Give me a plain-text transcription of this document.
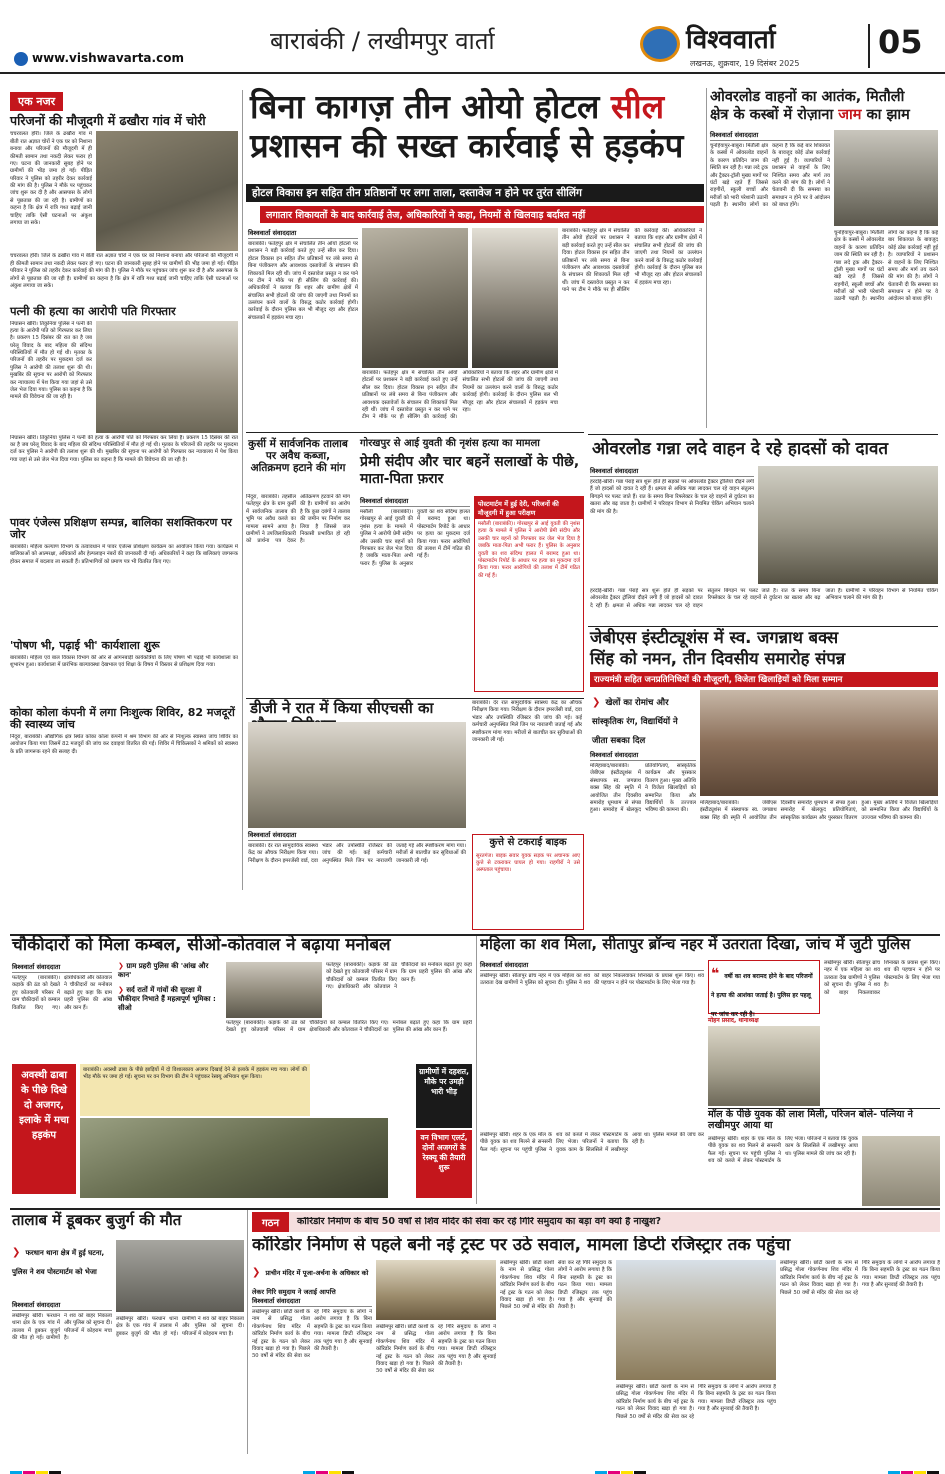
www.vishwavarta.com
बाराबंकी / लखीमपुर वार्ता	विश्ववार्ता
लखनऊ, शुक्रवार, 19 दिसंबर 2025
05
एक नजर
परिजनों की मौजूदगी में ढखौरा गांव में चोरी
चचरवलत हॉरी। जिले के ढखौरा गांव में बीती रात अज्ञात चोरों ने एक घर को निशाना बनाया और परिजनों की मौजूदगी में ही कीमती सामान तथा नकदी लेकर फरार हो गए। घटना की जानकारी सुबह होने पर ग्रामीणों की भीड़ जमा हो गई। पीड़ित परिवार ने पुलिस को तहरीर देकर कार्रवाई की मांग की है। पुलिस ने मौके पर पहुंचकर जांच शुरू कर दी है और आसपास के लोगों से पूछताछ की जा रही है। ग्रामीणों का कहना है कि क्षेत्र में रात्रि गश्त बढ़ाई जानी चाहिए ताकि ऐसी घटनाओं पर अंकुश लगाया जा सके।
चचरवलत हॉरी। जिले के ढखौरा गांव में बीती रात अज्ञात चोरों ने एक घर को निशाना बनाया और परिजनों की मौजूदगी में ही कीमती सामान तथा नकदी लेकर फरार हो गए। घटना की जानकारी सुबह होने पर ग्रामीणों की भीड़ जमा हो गई। पीड़ित परिवार ने पुलिस को तहरीर देकर कार्रवाई की मांग की है। पुलिस ने मौके पर पहुंचकर जांच शुरू कर दी है और आसपास के लोगों से पूछताछ की जा रही है। ग्रामीणों का कहना है कि क्षेत्र में रात्रि गश्त बढ़ाई जानी चाहिए ताकि ऐसी घटनाओं पर अंकुश लगाया जा सके।
पत्नी की हत्या का आरोपी पति गिरफ्तार
निघासन खीरी। तिकुनिया पुलिस ने पत्नी की हत्या के आरोपी पति को गिरफ्तार कर लिया है। प्रकरण 15 दिसंबर की रात का है जब घरेलू विवाद के बाद महिला की संदिग्ध परिस्थितियों में मौत हो गई थी। मृतका के परिजनों की तहरीर पर मुकदमा दर्ज कर पुलिस ने आरोपी की तलाश शुरू की थी। मुखबिर की सूचना पर आरोपी को गिरफ्तार कर न्यायालय में पेश किया गया जहां से उसे जेल भेज दिया गया। पुलिस का कहना है कि मामले की विवेचना की जा रही है।
निघासन खीरी। तिकुनिया पुलिस ने पत्नी की हत्या के आरोपी पति को गिरफ्तार कर लिया है। प्रकरण 15 दिसंबर की रात का है जब घरेलू विवाद के बाद महिला की संदिग्ध परिस्थितियों में मौत हो गई थी। मृतका के परिजनों की तहरीर पर मुकदमा दर्ज कर पुलिस ने आरोपी की तलाश शुरू की थी। मुखबिर की सूचना पर आरोपी को गिरफ्तार कर न्यायालय में पेश किया गया जहां से उसे जेल भेज दिया गया। पुलिस का कहना है कि मामले की विवेचना की जा रही है।
पावर एंजेल्स प्रशिक्षण सम्पन्न, बालिका सशक्तिकरण पर जोर
बाराबंकी। महिला कल्याण विभाग के तत्वावधान में पावर एंजेल्स प्रशिक्षण कार्यक्रम का आयोजन किया गया। कार्यक्रम में बालिकाओं को आत्मरक्षा, अधिकारों और हेल्पलाइन नंबरों की जानकारी दी गई। अधिकारियों ने कहा कि बालिकाएं जागरूक होकर समाज में बदलाव ला सकती हैं। प्रतिभागियों को प्रमाण पत्र भी वितरित किए गए।
'पोषण भी, पढ़ाई भी' कार्यशाला शुरू
बाराबंकी। महिला एवं बाल विकास विभाग की ओर से आंगनबाड़ी कार्यकत्रियों के लिए पोषण भी पढ़ाई भी कार्यशाला का शुभारंभ हुआ। कार्यशाला में प्रारंभिक बाल्यावस्था देखभाल एवं शिक्षा के विषय में विस्तार से प्रशिक्षण दिया गया।
कोका कोला कंपनी में लगा निःशुल्क शिविर, 82 मजदूरों की स्वास्थ्य जांच
निंदूरा, बाराबंकी। औद्योगिक क्षेत्र स्थित कोका कोला कंपनी में श्रम विभाग की ओर से निःशुल्क स्वास्थ्य जांच शिविर का आयोजन किया गया जिसमें 82 मजदूरों की जांच कर दवाइयां वितरित की गईं। शिविर में चिकित्सकों ने श्रमिकों को स्वास्थ्य के प्रति जागरूक रहने की सलाह दी।
बिना कागज़ तीन ओयो होटल सील
प्रशासन की सख्त कार्रवाई से हड़कंप
होटल विकास इन सहित तीन प्रतिष्ठानों पर लगा ताला, दस्तावेज न होने पर तुरंत सीलिंग
लगातार शिकायतों के बाद कार्रवाई तेज, अधिकारियों ने कहा, नियमों से खिलवाड़ बर्दाश्त नहीं
विश्ववार्ता संवाददाता
बाराबंकी। फतेहपुर क्षेत्र में संचालित तीन ओयो होटलों पर प्रशासन ने बड़ी कार्रवाई करते हुए उन्हें सील कर दिया। होटल विकास इन सहित तीन प्रतिष्ठानों पर लंबे समय से बिना पंजीकरण और आवश्यक दस्तावेजों के संचालन की शिकायतें मिल रही थीं। जांच में दस्तावेज प्रस्तुत न कर पाने पर टीम ने मौके पर ही सीलिंग की कार्रवाई की। अधिकारियों ने बताया कि शहर और ग्रामीण क्षेत्रों में संचालित सभी होटलों की जांच की जाएगी तथा नियमों का उल्लंघन करने वालों के विरुद्ध कठोर कार्रवाई होगी। कार्रवाई के दौरान पुलिस बल भी मौजूद रहा और होटल संचालकों में हड़कंप मचा रहा।
बाराबंकी। फतेहपुर क्षेत्र में संचालित तीन ओयो होटलों पर प्रशासन ने बड़ी कार्रवाई करते हुए उन्हें सील कर दिया। होटल विकास इन सहित तीन प्रतिष्ठानों पर लंबे समय से बिना पंजीकरण और आवश्यक दस्तावेजों के संचालन की शिकायतें मिल रही थीं। जांच में दस्तावेज प्रस्तुत न कर पाने पर टीम ने मौके पर ही सीलिंग की कार्रवाई की। अधिकारियों ने बताया कि शहर और ग्रामीण क्षेत्रों में संचालित सभी होटलों की जांच की जाएगी तथा नियमों का उल्लंघन करने वालों के विरुद्ध कठोर कार्रवाई होगी। कार्रवाई के दौरान पुलिस बल भी मौजूद रहा और होटल संचालकों में हड़कंप मचा रहा।
बाराबंकी। फतेहपुर क्षेत्र में संचालित तीन ओयो होटलों पर प्रशासन ने बड़ी कार्रवाई करते हुए उन्हें सील कर दिया। होटल विकास इन सहित तीन प्रतिष्ठानों पर लंबे समय से बिना पंजीकरण और आवश्यक दस्तावेजों के संचालन की शिकायतें मिल रही थीं। जांच में दस्तावेज प्रस्तुत न कर पाने पर टीम ने मौके पर ही सीलिंग की कार्रवाई की। अधिकारियों ने बताया कि शहर और ग्रामीण क्षेत्रों में संचालित सभी होटलों की जांच की जाएगी तथा नियमों का उल्लंघन करने वालों के विरुद्ध कठोर कार्रवाई होगी। कार्रवाई के दौरान पुलिस बल भी मौजूद रहा और होटल संचालकों में हड़कंप मचा रहा।
ओवरलोड वाहनों का आतंक, मितौली
क्षेत्र के कस्बों में रोज़ाना जाम का झाम
विश्ववार्ता संवाददाता
चुनहियापुर-बाबुरा। मितौली क्षेत्र के कस्बों में ओवरलोड वाहनों के कारण प्रतिदिन जाम की स्थिति बन रही है। गन्ना लदे ट्रक और ट्रैक्टर-ट्रॉली मुख्य मार्गों पर घंटों खड़े रहते हैं जिससे राहगीरों, स्कूली बच्चों और मरीजों को भारी परेशानी उठानी पड़ती है। स्थानीय लोगों का कहना है कि कई बार शिकायत के बावजूद कोई ठोस कार्रवाई नहीं हुई है। व्यापारियों ने प्रशासन से वाहनों के लिए निश्चित समय और मार्ग तय करने की मांग की है। लोगों ने चेतावनी दी कि समस्या का समाधान न होने पर वे आंदोलन को बाध्य होंगे।
चुनहियापुर-बाबुरा। मितौली क्षेत्र के कस्बों में ओवरलोड वाहनों के कारण प्रतिदिन जाम की स्थिति बन रही है। गन्ना लदे ट्रक और ट्रैक्टर-ट्रॉली मुख्य मार्गों पर घंटों खड़े रहते हैं जिससे राहगीरों, स्कूली बच्चों और मरीजों को भारी परेशानी उठानी पड़ती है। स्थानीय लोगों का कहना है कि कई बार शिकायत के बावजूद कोई ठोस कार्रवाई नहीं हुई है। व्यापारियों ने प्रशासन से वाहनों के लिए निश्चित समय और मार्ग तय करने की मांग की है। लोगों ने चेतावनी दी कि समस्या का समाधान न होने पर वे आंदोलन को बाध्य होंगे।
ओवरलोड गन्ना लदे वाहन दे रहे हादसों को दावत
विश्ववार्ता संवाददाता
हरदोई-खीरी। गन्ना पेराई सत्र शुरू होते ही सड़कों पर ओवरलोड ट्रैक्टर ट्रॉलियां दौड़ने लगी हैं जो हादसों को दावत दे रही हैं। क्षमता से अधिक गन्ना लादकर चल रहे वाहन संतुलन बिगड़ने पर पलट जाते हैं। रात के समय बिना रिफ्लेक्टर के चल रहे वाहनों से दुर्घटना का खतरा और बढ़ जाता है। ग्रामीणों ने परिवहन विभाग से नियमित चेकिंग अभियान चलाने की मांग की है।
हरदोई-खीरी। गन्ना पेराई सत्र शुरू होते ही सड़कों पर ओवरलोड ट्रैक्टर ट्रॉलियां दौड़ने लगी हैं जो हादसों को दावत दे रही हैं। क्षमता से अधिक गन्ना लादकर चल रहे वाहन संतुलन बिगड़ने पर पलट जाते हैं। रात के समय बिना रिफ्लेक्टर के चल रहे वाहनों से दुर्घटना का खतरा और बढ़ जाता है। ग्रामीणों ने परिवहन विभाग से नियमित चेकिंग अभियान चलाने की मांग की है।
कुर्सी में सार्वजनिक तालाब पर अवैध कब्जा, अतिक्रमण हटाने की मांग
निंदूरा, बाराबंकी। तहसील फतेहपुर क्षेत्र के ग्राम कुर्सी में सार्वजनिक तालाब की भूमि पर अवैध कब्जे का मामला सामने आया है। ग्रामीणों ने उपजिलाधिकारी को प्रार्थना पत्र देकर अतिक्रमण हटवाने की मांग की है। ग्रामीणों का आरोप है कि कुछ दबंगों ने तालाब की जमीन पर निर्माण कर लिया है जिससे जल निकासी प्रभावित हो रही है।
गोरखपुर से आई युवती की नृशंस हत्या का मामला
प्रेमी संदीप और चार बहनें सलाखों के पीछे, माता-पिता फ़रार
विश्ववार्ता संवाददाता
मसौली (बाराबंकी)। गोरखपुर से आई युवती की नृशंस हत्या के मामले में पुलिस ने आरोपी प्रेमी संदीप और उसकी चार बहनों को गिरफ्तार कर जेल भेज दिया है जबकि माता-पिता अभी फरार हैं। पुलिस के अनुसार युवती का शव संदिग्ध हालत में बरामद हुआ था। पोस्टमार्टम रिपोर्ट के आधार पर हत्या का मुकदमा दर्ज किया गया। फरार आरोपियों की तलाश में टीमें गठित की गई हैं।
पोस्टमार्टम में हुई देरी, परिजनों की मौजूदगी में हुआ परीक्षण
मसौली (बाराबंकी)। गोरखपुर से आई युवती की नृशंस हत्या के मामले में पुलिस ने आरोपी प्रेमी संदीप और उसकी चार बहनों को गिरफ्तार कर जेल भेज दिया है जबकि माता-पिता अभी फरार हैं। पुलिस के अनुसार युवती का शव संदिग्ध हालत में बरामद हुआ था। पोस्टमार्टम रिपोर्ट के आधार पर हत्या का मुकदमा दर्ज किया गया। फरार आरोपियों की तलाश में टीमें गठित की गई हैं।
डीजी ने रात में किया सीएचसी का
विश्ववार्ता संवाददाता
बाराबंकी। देर रात सामुदायिक स्वास्थ्य केंद्र का औचक निरीक्षण किया गया। निरीक्षण के दौरान इमरजेंसी वार्ड, दवा भंडार और उपस्थिति रजिस्टर की जांच की गई। कई कर्मचारी अनुपस्थित मिले जिन पर नाराजगी जताई गई और स्पष्टीकरण मांगा गया। मरीजों से बातचीत कर सुविधाओं की जानकारी ली गई।
बाराबंकी। देर रात सामुदायिक स्वास्थ्य केंद्र का औचक निरीक्षण किया गया। निरीक्षण के दौरान इमरजेंसी वार्ड, दवा भंडार और उपस्थिति रजिस्टर की जांच की गई। कई कर्मचारी अनुपस्थित मिले जिन पर नाराजगी जताई गई और स्पष्टीकरण मांगा गया। मरीजों से बातचीत कर सुविधाओं की जानकारी ली गई।
कुत्ते से टकराई बाइक
सूरतगंज। बाइक सवार युवक सड़क पर अचानक आए कुत्ते से टकराकर घायल हो गया। राहगीरों ने उसे अस्पताल पहुंचाया।
जेबीएस इंस्टीट्यूशंस में स्व. जगन्नाथ बक्स
सिंह को नमन, तीन दिवसीय समारोह संपन्न
राज्यमंत्री सहित जनप्रतिनिधियों की मौजूदगी, विजेता खिलाड़ियों को मिला सम्मान
❯ खेलों का रोमांच और सांस्कृतिक रंग, विद्यार्थियों ने जीता सबका दिल
विश्ववार्ता संवाददाता
मलिहाबाद/बाराबंकी। जेबीएस इंस्टीट्यूशंस में संस्थापक स्व. जगन्नाथ बक्स सिंह की स्मृति में आयोजित तीन दिवसीय समारोह धूमधाम से संपन्न हुआ। समारोह में खेलकूद प्रतियोगिताएं, सांस्कृतिक कार्यक्रम और पुरस्कार वितरण हुआ। मुख्य अतिथि ने विजेता खिलाड़ियों को सम्मानित किया और विद्यार्थियों के उज्ज्वल भविष्य की कामना की।
मलिहाबाद/बाराबंकी। जेबीएस इंस्टीट्यूशंस में संस्थापक स्व. जगन्नाथ बक्स सिंह की स्मृति में आयोजित तीन दिवसीय समारोह धूमधाम से संपन्न हुआ। समारोह में खेलकूद प्रतियोगिताएं, सांस्कृतिक कार्यक्रम और पुरस्कार वितरण हुआ। मुख्य अतिथि ने विजेता खिलाड़ियों को सम्मानित किया और विद्यार्थियों के उज्ज्वल भविष्य की कामना की।
चौकीदारों को मिला कम्बल, सीओ-कोतवाल ने बढ़ाया मनोबल
विश्ववार्ता संवाददाता
फतेहपुर (बाराबंकी)। कड़ाके की ठंड को देखते हुए कोतवाली परिसर में ग्राम चौकीदारों को कम्बल वितरित किए गए। क्षेत्राधिकारी और कोतवाल ने चौकीदारों का मनोबल बढ़ाते हुए कहा कि ग्राम प्रहरी पुलिस की आंख और कान हैं।
❯ ग्राम प्रहरी पुलिस की 'आंख और कान'
❯ सर्द रातों में गांवों की सुरक्षा में चौकीदार निभाते हैं महत्वपूर्ण भूमिका : सीओ
फतेहपुर (बाराबंकी)। कड़ाके की ठंड को देखते हुए कोतवाली परिसर में ग्राम चौकीदारों को कम्बल वितरित किए गए। क्षेत्राधिकारी और कोतवाल ने चौकीदारों का मनोबल बढ़ाते हुए कहा कि ग्राम प्रहरी पुलिस की आंख और कान हैं।
फतेहपुर (बाराबंकी)। कड़ाके की ठंड को देखते हुए कोतवाली परिसर में ग्राम चौकीदारों को कम्बल वितरित किए गए। क्षेत्राधिकारी और कोतवाल ने चौकीदारों का मनोबल बढ़ाते हुए कहा कि ग्राम प्रहरी पुलिस की आंख और कान हैं।
अवस्थी ढाबा के पीछे दिखे दो अजगर, इलाके में मचा हड़कंप
बाराबंकी। अवस्थी ढाबा के पीछे झाड़ियों में दो विशालकाय अजगर दिखाई देने से इलाके में हड़कंप मच गया। लोगों की भीड़ मौके पर जमा हो गई। सूचना पर वन विभाग की टीम ने पहुंचकर रेस्क्यू अभियान शुरू किया।
ग्रामीणों में दहशत, मौके पर उमड़ी भारी भीड़
वन विभाग एलर्ट, दोनों अजगरों के रेस्क्यू की तैयारी शुरू
महिला का शव मिला, सीतापुर ब्रॉन्च नहर में उतराता दिखा, जांच में जुटी पुलिस
विश्ववार्ता संवाददाता
लखीमपुर खीरी। सीतापुर ब्रांच नहर में एक महिला का शव उतराता देख ग्रामीणों ने पुलिस को सूचना दी। पुलिस ने शव को बाहर निकलवाकर शिनाख्त के प्रयास शुरू किए। शव की पहचान न होने पर पोस्टमार्टम के लिए भेजा गया है।
❝ वर्षी का शव बरामद होने के बाद परिजनों ने हत्या की आशंका जताई है। पुलिस हर पहलू पर जांच कर रही है।
मोहन प्रसाद, थानाध्यक्ष
लखीमपुर खीरी। सीतापुर ब्रांच नहर में एक महिला का शव उतराता देख ग्रामीणों ने पुलिस को सूचना दी। पुलिस ने शव को बाहर निकलवाकर शिनाख्त के प्रयास शुरू किए। शव की पहचान न होने पर पोस्टमार्टम के लिए भेजा गया है।
मॉल के पीछे युवक की लाश मिली, परिजन बोले- पत्निया ने लखीमपुर आया था
लखीमपुर खीरी। शहर के एक मॉल के पीछे युवक का शव मिलने से सनसनी फैल गई। सूचना पर पहुंची पुलिस ने शव को कब्जे में लेकर पोस्टमार्टम के लिए भेजा। परिजनों ने बताया कि युवक काम के सिलसिले में लखीमपुर आया था। पुलिस मामले की जांच कर रही है।
लखीमपुर खीरी। शहर के एक मॉल के पीछे युवक का शव मिलने से सनसनी फैल गई। सूचना पर पहुंची पुलिस ने शव को कब्जे में लेकर पोस्टमार्टम के लिए भेजा। परिजनों ने बताया कि युवक काम के सिलसिले में लखीमपुर आया था। पुलिस मामले की जांच कर रही है।
तालाब में डूबकर बुजुर्ग की मौत
❯ फरधान थाना क्षेत्र में हुई घटना, पुलिस ने शव पोस्टमार्टम को भेजा
विश्ववार्ता संवाददाता
लखीमपुर खीरी। फरधान थाना क्षेत्र के एक गांव में तालाब में डूबकर बुजुर्ग की मौत हो गई। ग्रामीणों ने शव को बाहर निकाला और पुलिस को सूचना दी। परिजनों में कोहराम मचा है।
लखीमपुर खीरी। फरधान थाना क्षेत्र के एक गांव में तालाब में डूबकर बुजुर्ग की मौत हो गई। ग्रामीणों ने शव को बाहर निकाला और पुलिस को सूचना दी। परिजनों में कोहराम मचा है।
गठन	कॉरिडोर निर्माण के बीच 50 वर्षों से शिव मंदिर की सेवा कर रहे गिरि समुदाय का बड़ा वर्ग क्यों है नाखुश?
कॉरिडोर निर्माण से पहले बनी नई ट्रस्ट पर उठे सवाल, मामला डिप्टी रजिस्ट्रार तक पहुंचा
❯ प्राचीन मंदिर में पूजा-अर्चना के अधिकार को लेकर गिरि समुदाय ने जताई आपत्ति
विश्ववार्ता संवाददाता
लखीमपुर खीरी। छोटी काशी के नाम से प्रसिद्ध गोला गोकर्णनाथ शिव मंदिर में कॉरिडोर निर्माण कार्य के बीच नई ट्रस्ट के गठन को लेकर विवाद खड़ा हो गया है। पिछले 50 वर्षों से मंदिर की सेवा कर रहे गिरि समुदाय के लोगों ने आरोप लगाया है कि बिना सहमति के ट्रस्ट का गठन किया गया। मामला डिप्टी रजिस्ट्रार तक पहुंच गया है और सुनवाई की तैयारी है।
लखीमपुर खीरी। छोटी काशी के नाम से प्रसिद्ध गोला गोकर्णनाथ शिव मंदिर में कॉरिडोर निर्माण कार्य के बीच नई ट्रस्ट के गठन को लेकर विवाद खड़ा हो गया है। पिछले 50 वर्षों से मंदिर की सेवा कर रहे गिरि समुदाय के लोगों ने आरोप लगाया है कि बिना सहमति के ट्रस्ट का गठन किया गया। मामला डिप्टी रजिस्ट्रार तक पहुंच गया है और सुनवाई की तैयारी है।
लखीमपुर खीरी। छोटी काशी के नाम से प्रसिद्ध गोला गोकर्णनाथ शिव मंदिर में कॉरिडोर निर्माण कार्य के बीच नई ट्रस्ट के गठन को लेकर विवाद खड़ा हो गया है। पिछले 50 वर्षों से मंदिर की सेवा कर रहे गिरि समुदाय के लोगों ने आरोप लगाया है कि बिना सहमति के ट्रस्ट का गठन किया गया। मामला डिप्टी रजिस्ट्रार तक पहुंच गया है और सुनवाई की तैयारी है।
लखीमपुर खीरी। छोटी काशी के नाम से प्रसिद्ध गोला गोकर्णनाथ शिव मंदिर में कॉरिडोर निर्माण कार्य के बीच नई ट्रस्ट के गठन को लेकर विवाद खड़ा हो गया है। पिछले 50 वर्षों से मंदिर की सेवा कर रहे गिरि समुदाय के लोगों ने आरोप लगाया है कि बिना सहमति के ट्रस्ट का गठन किया गया। मामला डिप्टी रजिस्ट्रार तक पहुंच गया है और सुनवाई की तैयारी है।
लखीमपुर खीरी। छोटी काशी के नाम से प्रसिद्ध गोला गोकर्णनाथ शिव मंदिर में कॉरिडोर निर्माण कार्य के बीच नई ट्रस्ट के गठन को लेकर विवाद खड़ा हो गया है। पिछले 50 वर्षों से मंदिर की सेवा कर रहे गिरि समुदाय के लोगों ने आरोप लगाया है कि बिना सहमति के ट्रस्ट का गठन किया गया। मामला डिप्टी रजिस्ट्रार तक पहुंच गया है और सुनवाई की तैयारी है।
